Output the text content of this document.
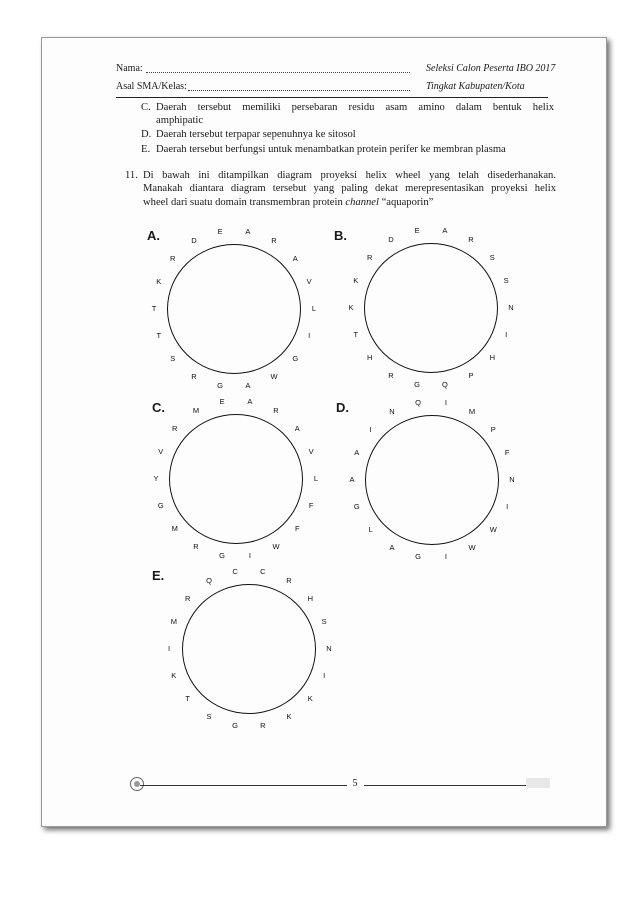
Nama:
Asal SMA/Kelas:
Seleksi Calon Peserta IBO 2017
Tingkat Kabupaten/Kota
C. Daerah tersebut memiliki persebaran residu asam amino dalam bentuk helix
amphipatic
D. Daerah tersebut terpapar sepenuhnya ke sitosol
E. Daerah tersebut berfungsi untuk menambatkan protein perifer ke membran plasma
11. Di bawah ini ditampilkan diagram proyeksi helix wheel yang telah disederhanakan.
Manakah diantara diagram tersebut yang paling dekat merepresentasikan proyeksi helix
wheel dari suatu domain transmembran protein channel “aquaporin”
A.	E	A
R
A
V
L
I
G
W
A
G
R
S
T
T
K
R
D	B.	E	A
R
S
S
N
I
H
P
Q
G
R
H
T
K
K
R
D
C.	E	A
R
A
V
L
F
F
W
I
G
R
M
G
Y
V
R
M	D.	Q	I
M
P
F
N
I
W
W
I
G
A
L
G
A
A
I
N
E.	C	C
R
H
S
N
I
K
K
R
G
S
T
K
I
M
R
Q
5
